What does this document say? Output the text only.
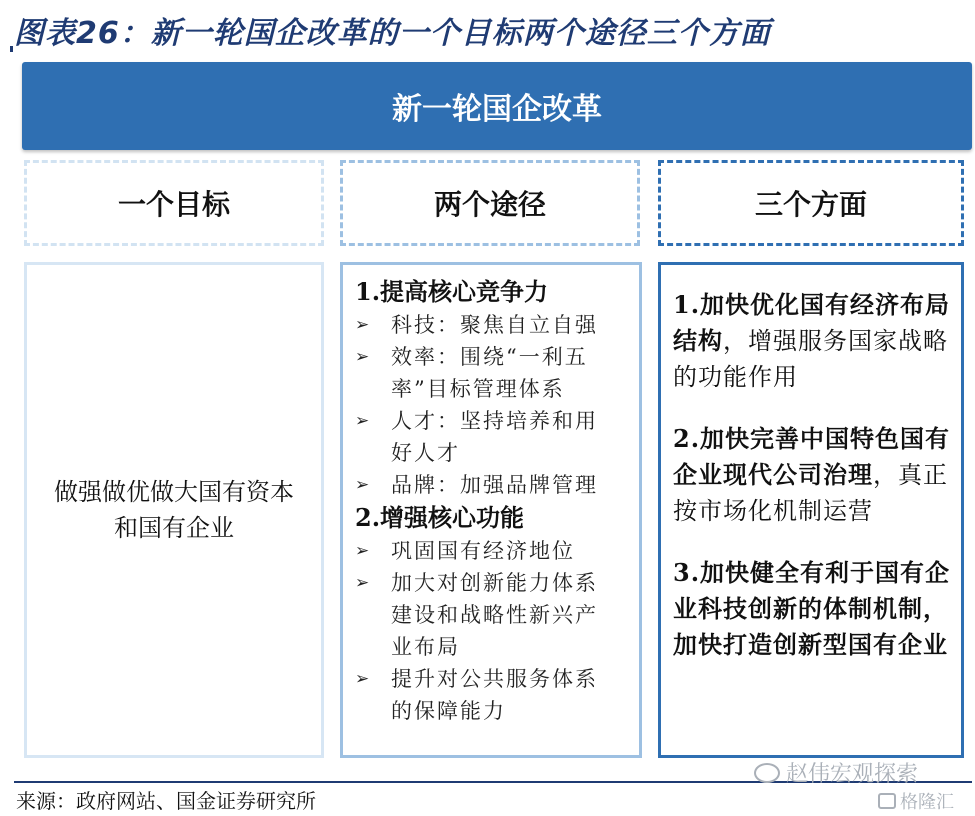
图表26：新一轮国企改革的一个目标两个途径三个方面
新一轮国企改革
一个目标	两个途径	三个方面
做强做优做大国有资本
和国有企业
1.提高核心竞争力
➢ 科技：聚焦自立自强
➢ 效率：围绕“一利五
率”目标管理体系
➢ 人才：坚持培养和用
好人才
➢ 品牌：加强品牌管理
2.增强核心功能
➢ 巩固国有经济地位
➢ 加大对创新能力体系
建设和战略性新兴产
业布局
➢ 提升对公共服务体系
的保障能力
1.加快优化国有经济布局结构，增强服务国家战略的功能作用
2.加快完善中国特色国有企业现代公司治理，真正按市场化机制运营
3.加快健全有利于国有企业科技创新的体制机制，加快打造创新型国有企业
来源：政府网站、国金证券研究所
赵伟宏观探索
格隆汇
